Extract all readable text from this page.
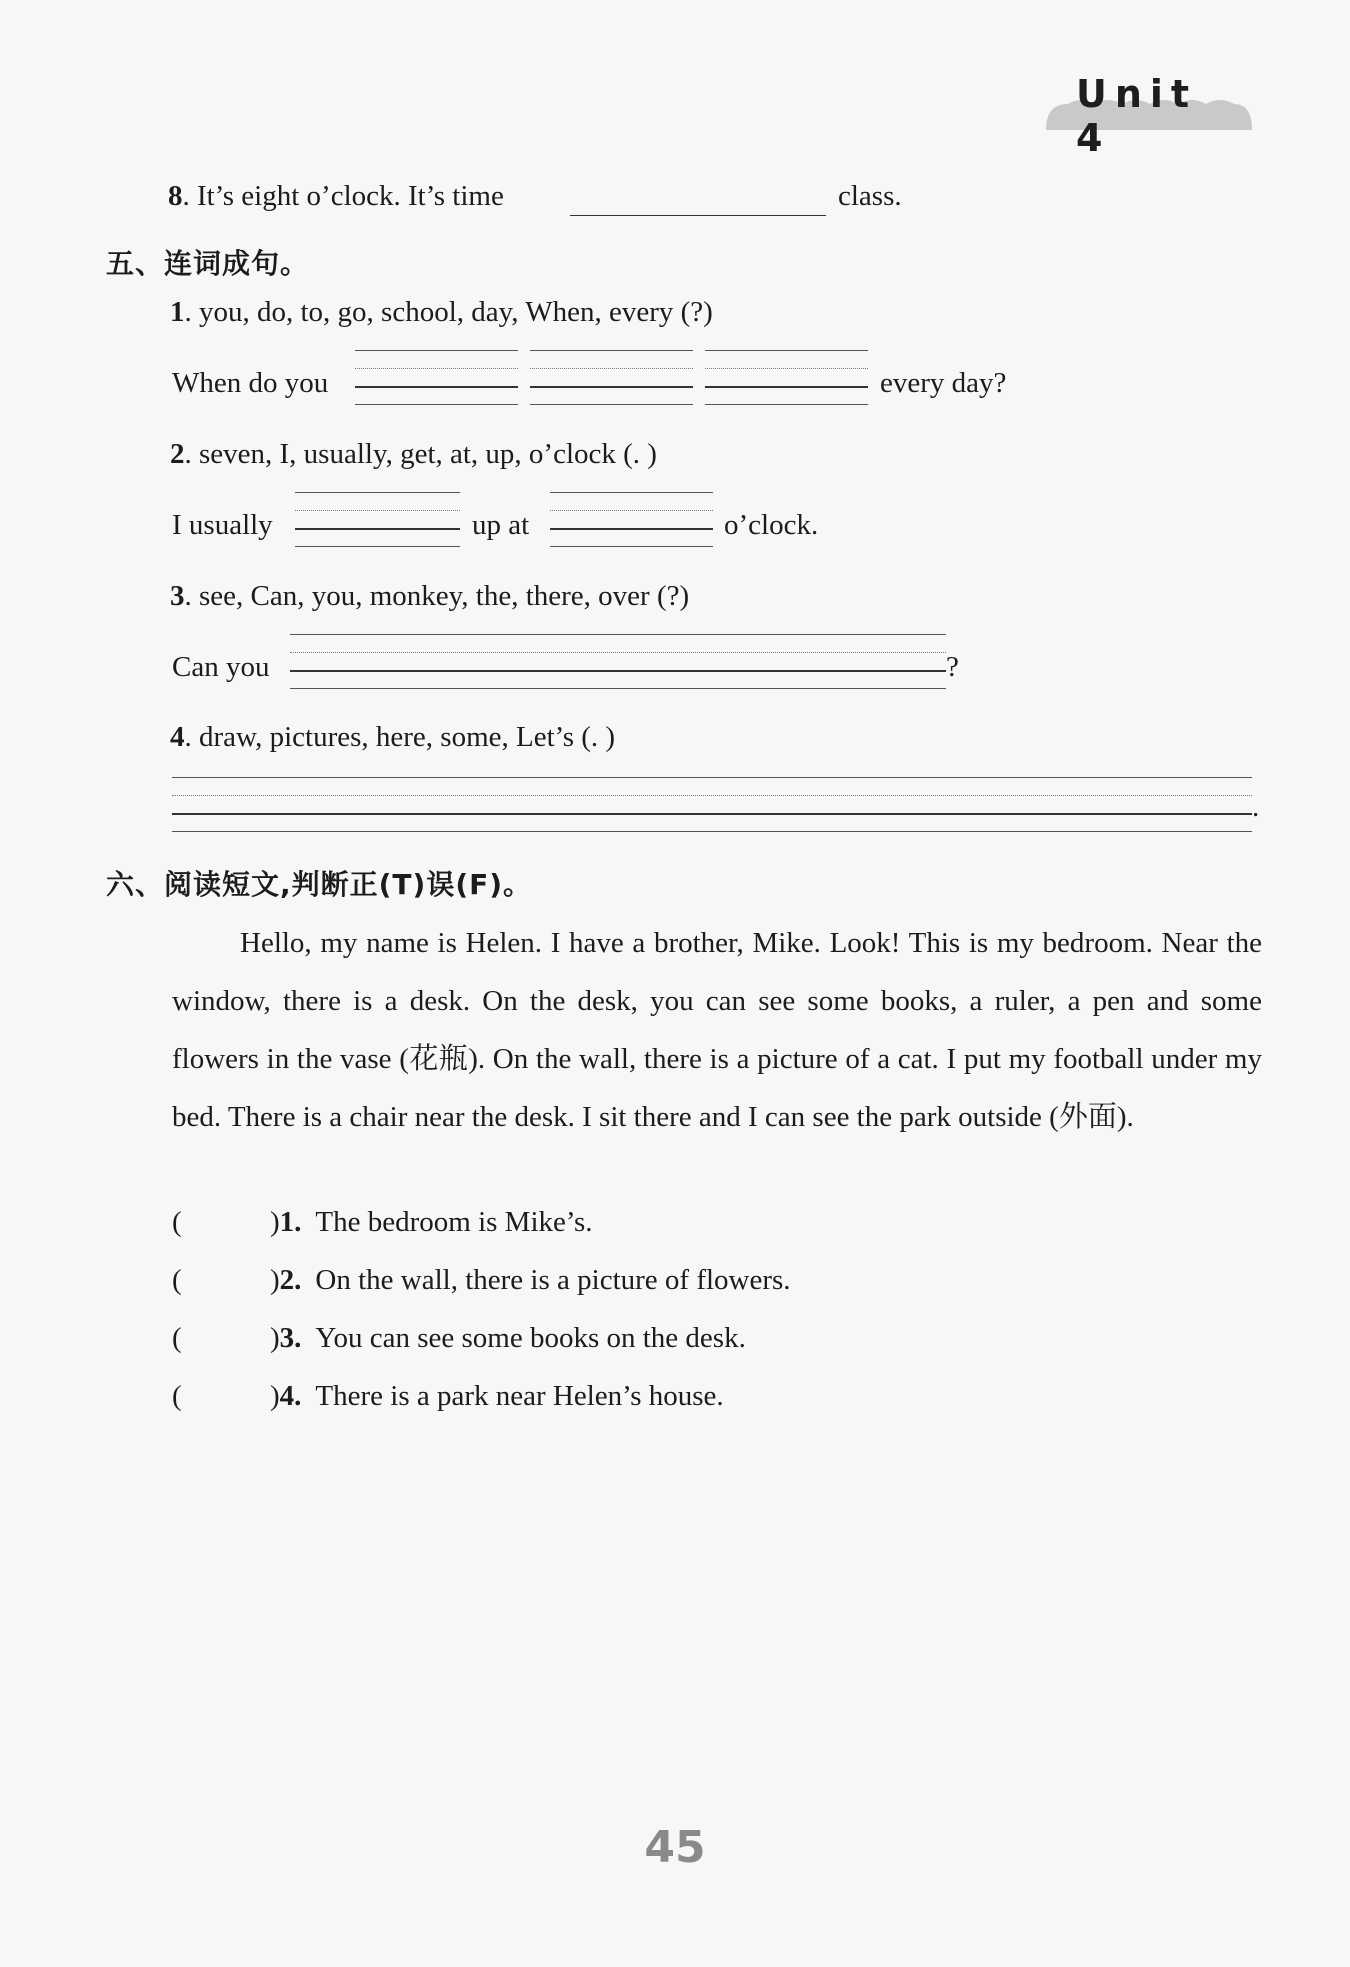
Unit 4
8. It’s eight o’clock. It’s time	class.
五、连词成句。
1. you, do, to, go, school, day, When, every (?)
When do you	every day?
2. seven, I, usually, get, at, up, o’clock (. )
I usually	up at	o’clock.
3. see, Can, you, monkey, the, there, over (?)
Can you	?
4. draw, pictures, here, some, Let’s (. )
.
六、阅读短文,判断正(T)误(F)。
Hello, my name is Helen. I have a brother, Mike. Look! This is my bedroom. Near the window, there is a desk. On the desk, you can see some books, a ruler, a pen and some flowers in the vase (花瓶). On the wall, there is a picture of a cat. I put my football under my bed. There is a chair near the desk. I sit there and I can see the park outside (外面).
(	)1. The bedroom is Mike’s.
(	)2. On the wall, there is a picture of flowers.
(	)3. You can see some books on the desk.
(	)4. There is a park near Helen’s house.
45
